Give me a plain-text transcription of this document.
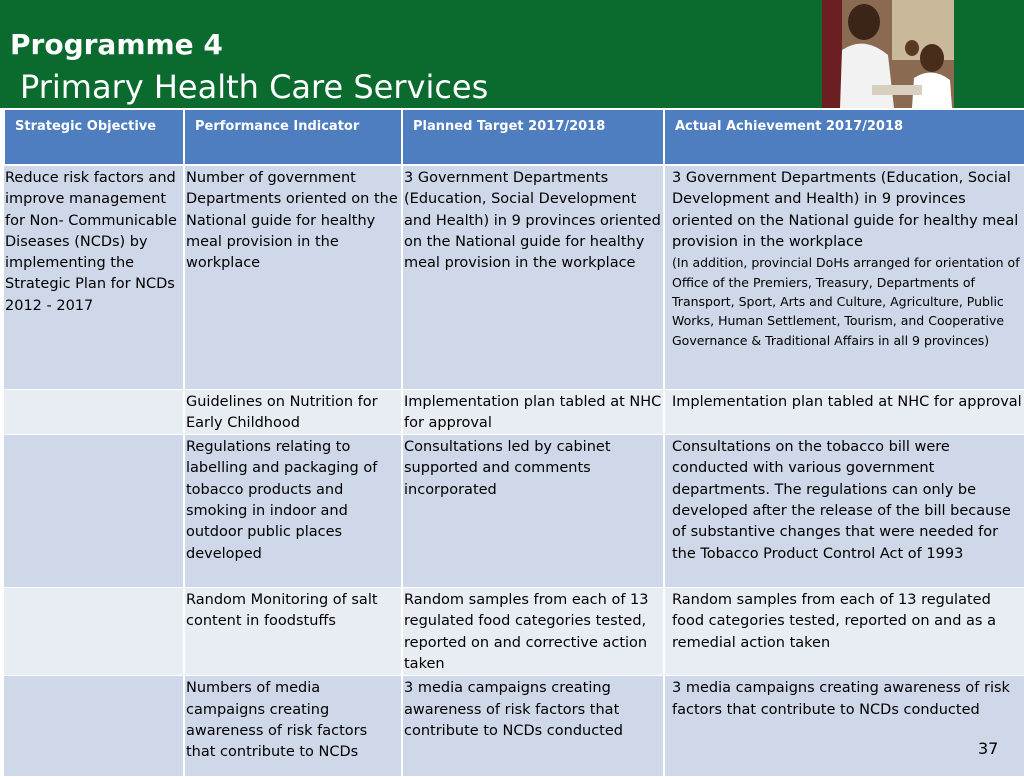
Programme 4
Primary Health Care Services
Strategic Objective	Performance Indicator	Planned Target 2017/2018	Actual Achievement 2017/2018
Reduce risk factors and improve management for Non- Communicable Diseases (NCDs) by implementing the Strategic Plan for NCDs 2012 - 2017	Number of government Departments oriented on the National guide for healthy meal provision in the workplace	3 Government Departments (Education, Social Development and Health) in 9 provinces oriented on the National guide for healthy meal provision in the workplace	3 Government Departments (Education, Social Development and Health) in 9 provinces oriented on the National guide for healthy meal provision in the workplace
(In addition, provincial DoHs arranged for orientation of Office of the Premiers, Treasury, Departments of Transport, Sport, Arts and Culture, Agriculture, Public Works, Human Settlement, Tourism, and Cooperative Governance & Traditional Affairs in all 9 provinces)

	Guidelines on Nutrition for Early Childhood	Implementation plan tabled at NHC for approval	Implementation plan tabled at NHC for approval
	Regulations relating to labelling and packaging of tobacco products and smoking in indoor and outdoor public places developed	Consultations led by cabinet supported and comments incorporated	Consultations on the tobacco bill were conducted with various government departments. The regulations can only be developed after the release of the bill because of substantive changes that were needed for the Tobacco Product Control Act of 1993
	Random Monitoring of salt content in foodstuffs	Random samples from each of 13 regulated food categories tested, reported on and corrective action taken	Random samples from each of 13 regulated food categories tested, reported on and as a remedial action taken
	Numbers of media campaigns creating awareness of risk factors that contribute to NCDs	3 media campaigns creating awareness of risk factors that contribute to NCDs conducted	3 media campaigns creating awareness of risk factors that contribute to NCDs conducted
37
